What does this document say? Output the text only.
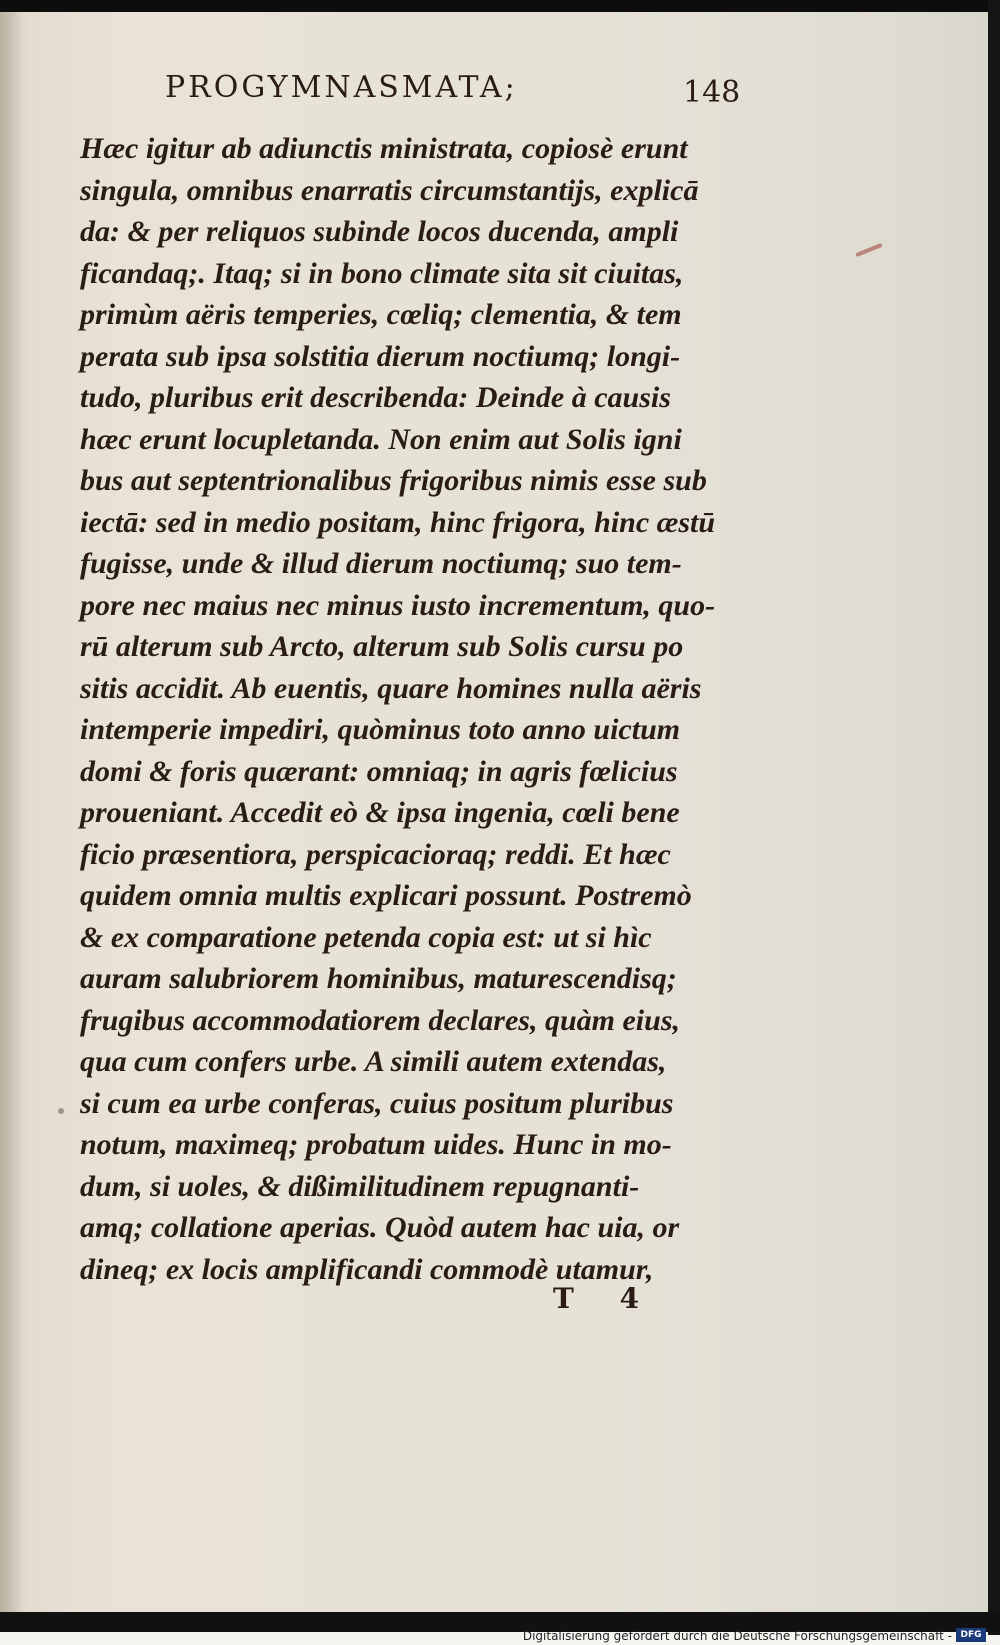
PROGYMNASMATA;	148
Hæc igitur ab adiunctis ministrata, copiosè erunt
singula, omnibus enarratis circumstantijs, explicā
da: & per reliquos subinde locos ducenda, ampli
ficandaq;. Itaq; si in bono climate sita sit ciuitas,
primùm aëris temperies, cœliq; clementia, & tem
perata sub ipsa solstitia dierum noctiumq; longi-
tudo, pluribus erit describenda: Deinde à causis
hæc erunt locupletanda. Non enim aut Solis igni
bus aut septentrionalibus frigoribus nimis esse sub
iectā: sed in medio positam, hinc frigora, hinc æstū
fugisse, unde & illud dierum noctiumq; suo tem-
pore nec maius nec minus iusto incrementum, quo-
rū alterum sub Arcto, alterum sub Solis cursu po
sitis accidit. Ab euentis, quare homines nulla aëris
intemperie impediri, quòminus toto anno uictum
domi & foris quærant: omniaq; in agris fœlicius
proueniant. Accedit eò & ipsa ingenia, cœli bene
ficio præsentiora, perspicacioraq; reddi. Et hæc
quidem omnia multis explicari possunt. Postremò
& ex comparatione petenda copia est: ut si hìc
auram salubriorem hominibus, maturescendisq;
frugibus accommodatiorem declares, quàm eius,
qua cum confers urbe. A simili autem extendas,
si cum ea urbe conferas, cuius positum pluribus
notum, maximeq; probatum uides. Hunc in mo-
dum, si uoles, & dißimilitudinem repugnanti-
amq; collatione aperias. Quòd autem hac uia, or
dineq; ex locis amplificandi commodè utamur,
T 4
Digitalisierung gefördert durch die Deutsche Forschungsgemeinschaft - DFG
